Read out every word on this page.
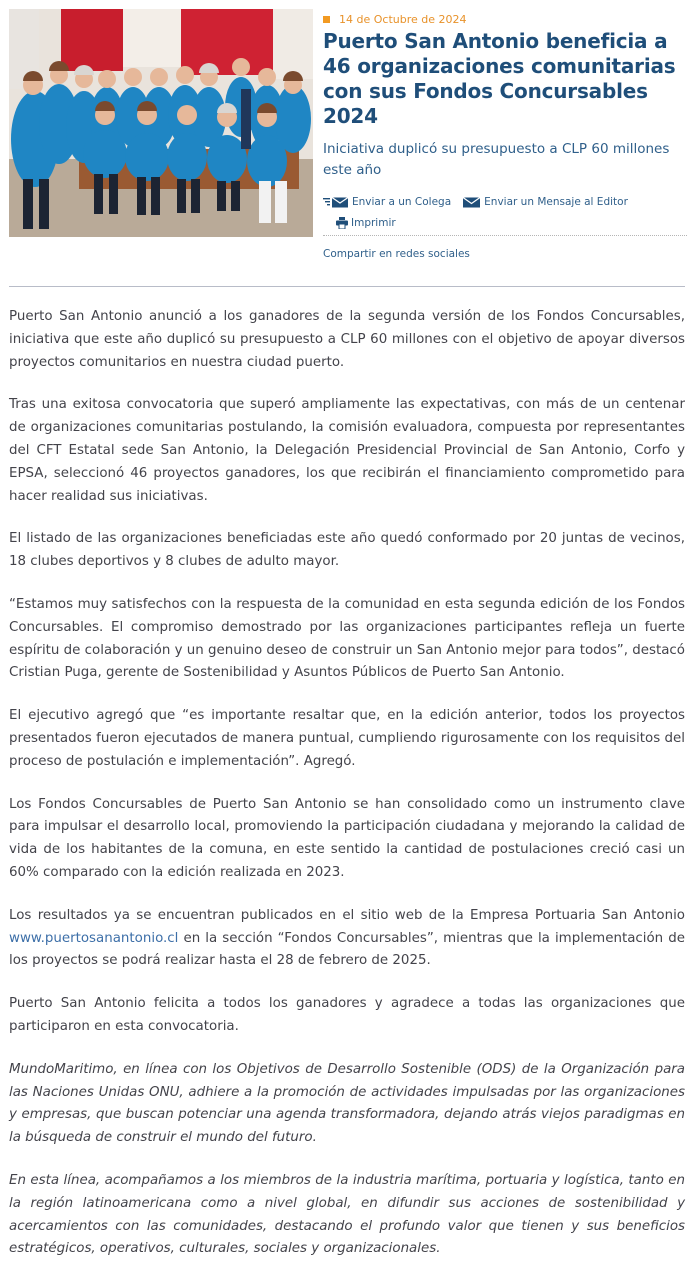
14 de Octubre de 2024
Puerto San Antonio beneficia a 46 organizaciones comunitarias con sus Fondos Concursables 2024

Iniciativa duplicó su presupuesto a CLP 60 millones este año

Enviar a un Colega	Enviar un Mensaje al Editor
Imprimir
Compartir en redes sociales

Puerto San Antonio anunció a los ganadores de la segunda versión de los Fondos Concursables, iniciativa que este año duplicó su presupuesto a CLP 60 millones con el objetivo de apoyar diversos proyectos comunitarios en nuestra ciudad puerto.

Tras una exitosa convocatoria que superó ampliamente las expectativas, con más de un centenar de organizaciones comunitarias postulando, la comisión evaluadora, compuesta por representantes del CFT Estatal sede San Antonio, la Delegación Presidencial Provincial de San Antonio, Corfo y EPSA, seleccionó 46 proyectos ganadores, los que recibirán el financiamiento comprometido para hacer realidad sus iniciativas.

El listado de las organizaciones beneficiadas este año quedó conformado por 20 juntas de vecinos, 18 clubes deportivos y 8 clubes de adulto mayor.

“Estamos muy satisfechos con la respuesta de la comunidad en esta segunda edición de los Fondos Concursables. El compromiso demostrado por las organizaciones participantes refleja un fuerte espíritu de colaboración y un genuino deseo de construir un San Antonio mejor para todos”, destacó Cristian Puga, gerente de Sostenibilidad y Asuntos Públicos de Puerto San Antonio.

El ejecutivo agregó que “es importante resaltar que, en la edición anterior, todos los proyectos presentados fueron ejecutados de manera puntual, cumpliendo rigurosamente con los requisitos del proceso de postulación e implementación”. Agregó.

Los Fondos Concursables de Puerto San Antonio se han consolidado como un instrumento clave para impulsar el desarrollo local, promoviendo la participación ciudadana y mejorando la calidad de vida de los habitantes de la comuna, en este sentido la cantidad de postulaciones creció casi un 60% comparado con la edición realizada en 2023.

Los resultados ya se encuentran publicados en el sitio web de la Empresa Portuaria San Antonio www.puertosanantonio.cl en la sección “Fondos Concursables”, mientras que la implementación de los proyectos se podrá realizar hasta el 28 de febrero de 2025.

Puerto San Antonio felicita a todos los ganadores y agradece a todas las organizaciones que participaron en esta convocatoria.

MundoMaritimo, en línea con los Objetivos de Desarrollo Sostenible (ODS) de la Organización para las Naciones Unidas ONU, adhiere a la promoción de actividades impulsadas por las organizaciones y empresas, que buscan potenciar una agenda transformadora, dejando atrás viejos paradigmas en la búsqueda de construir el mundo del futuro.

En esta línea, acompañamos a los miembros de la industria marítima, portuaria y logística, tanto en la región latinoamericana como a nivel global, en difundir sus acciones de sostenibilidad y acercamientos con las comunidades, destacando el profundo valor que tienen y sus beneficios estratégicos, operativos, culturales, sociales y organizacionales.
